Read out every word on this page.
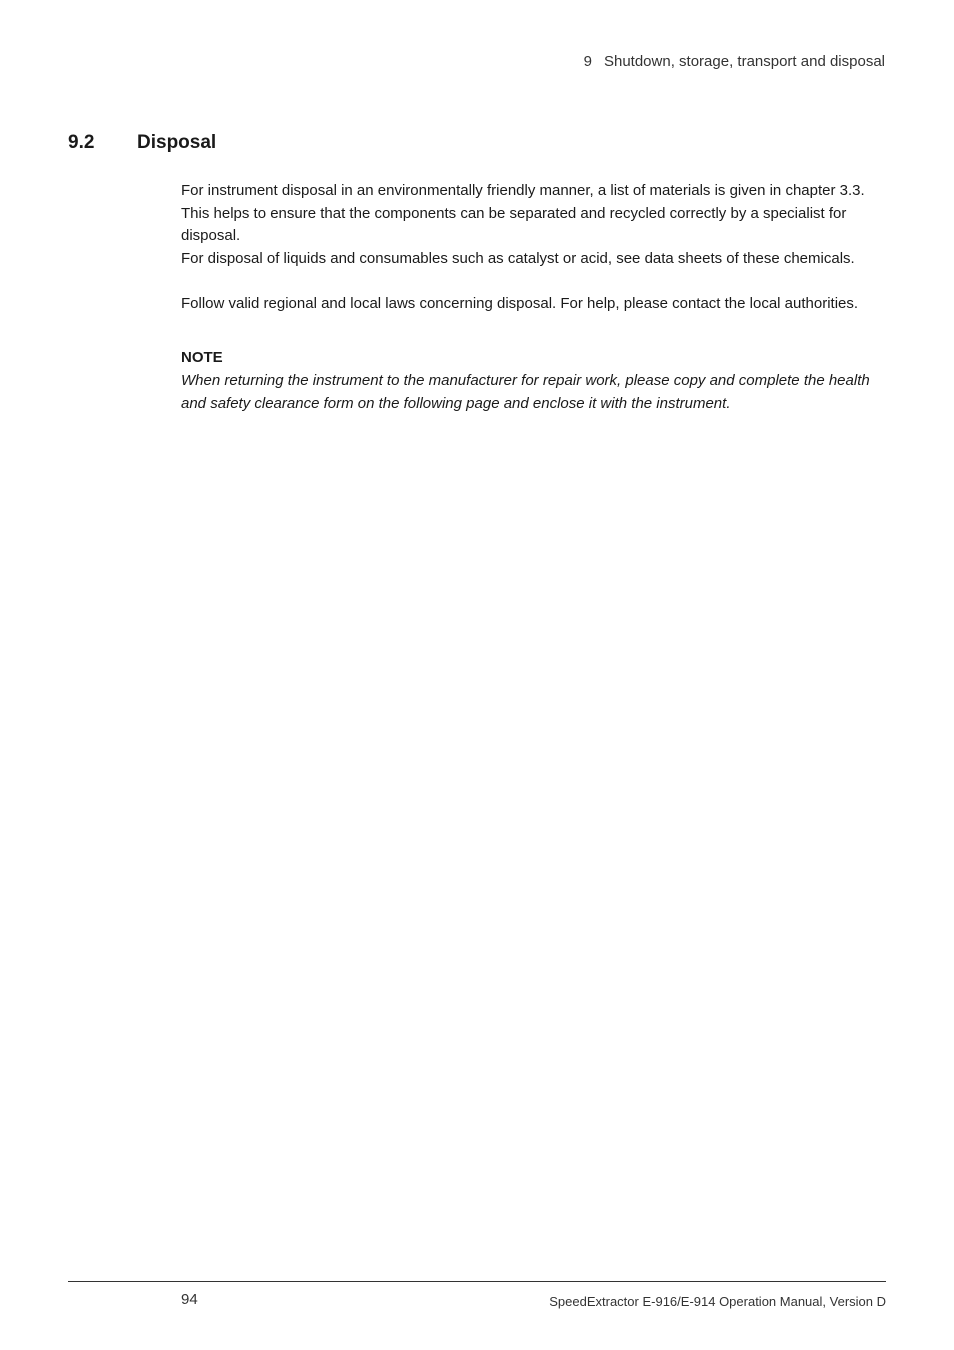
9 Shutdown, storage, transport and disposal
9.2 Disposal

For instrument disposal in an environmentally friendly manner, a list of materials is given in chapter 3.3. This helps to ensure that the components can be separated and recycled correctly by a specialist for disposal.

For disposal of liquids and consumables such as catalyst or acid, see data sheets of these chemicals.

Follow valid regional and local laws concerning disposal. For help, please contact the local authorities.

NOTE

When returning the instrument to the manufacturer for repair work, please copy and complete the health and safety clearance form on the following page and enclose it with the instrument.

94	SpeedExtractor E-916/E-914 Operation Manual, Version D
